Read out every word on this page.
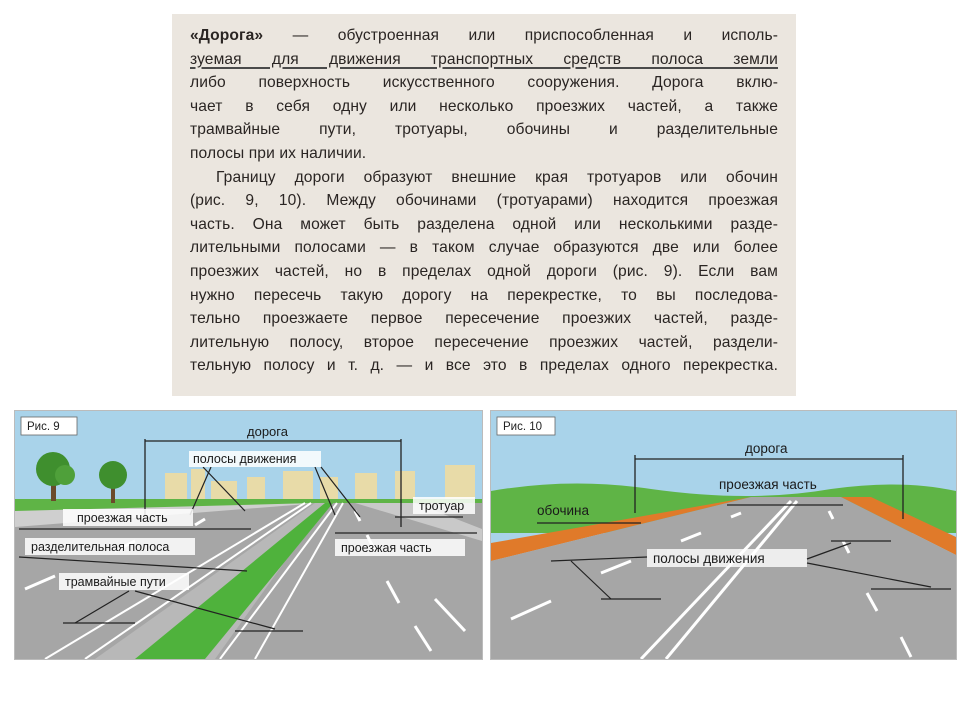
«Дорога» — обустроенная или приспособленная и исполь-
зуемая для движения транспортных средств полоса земли
либо поверхность искусственного сооружения. Дорога вклю-
чает в себя одну или несколько проезжих частей, а также
трамвайные пути, тротуары, обочины и разделительные
полосы при их наличии.
Границу дороги образуют внешние края тротуаров или обочин
(рис. 9, 10). Между обочинами (тротуарами) находится проезжая
часть. Она может быть разделена одной или несколькими разде-
лительными полосами — в таком случае образуются две или более
проезжих частей, но в пределах одной дороги (рис. 9). Если вам
нужно пересечь такую дорогу на перекрестке, то вы последова-
тельно проезжаете первое пересечение проезжих частей, разде-
лительную полосу, второе пересечение проезжих частей, раздели-
тельную полосу и т. д. — и все это в пределах одного перекрестка.
Рис. 9	дорога
полосы движения
проезжая часть
разделительная полоса
тротуар
проезжая часть
трамвайные пути
Рис. 10
дорога
проезжая часть
обочина
полосы движения
